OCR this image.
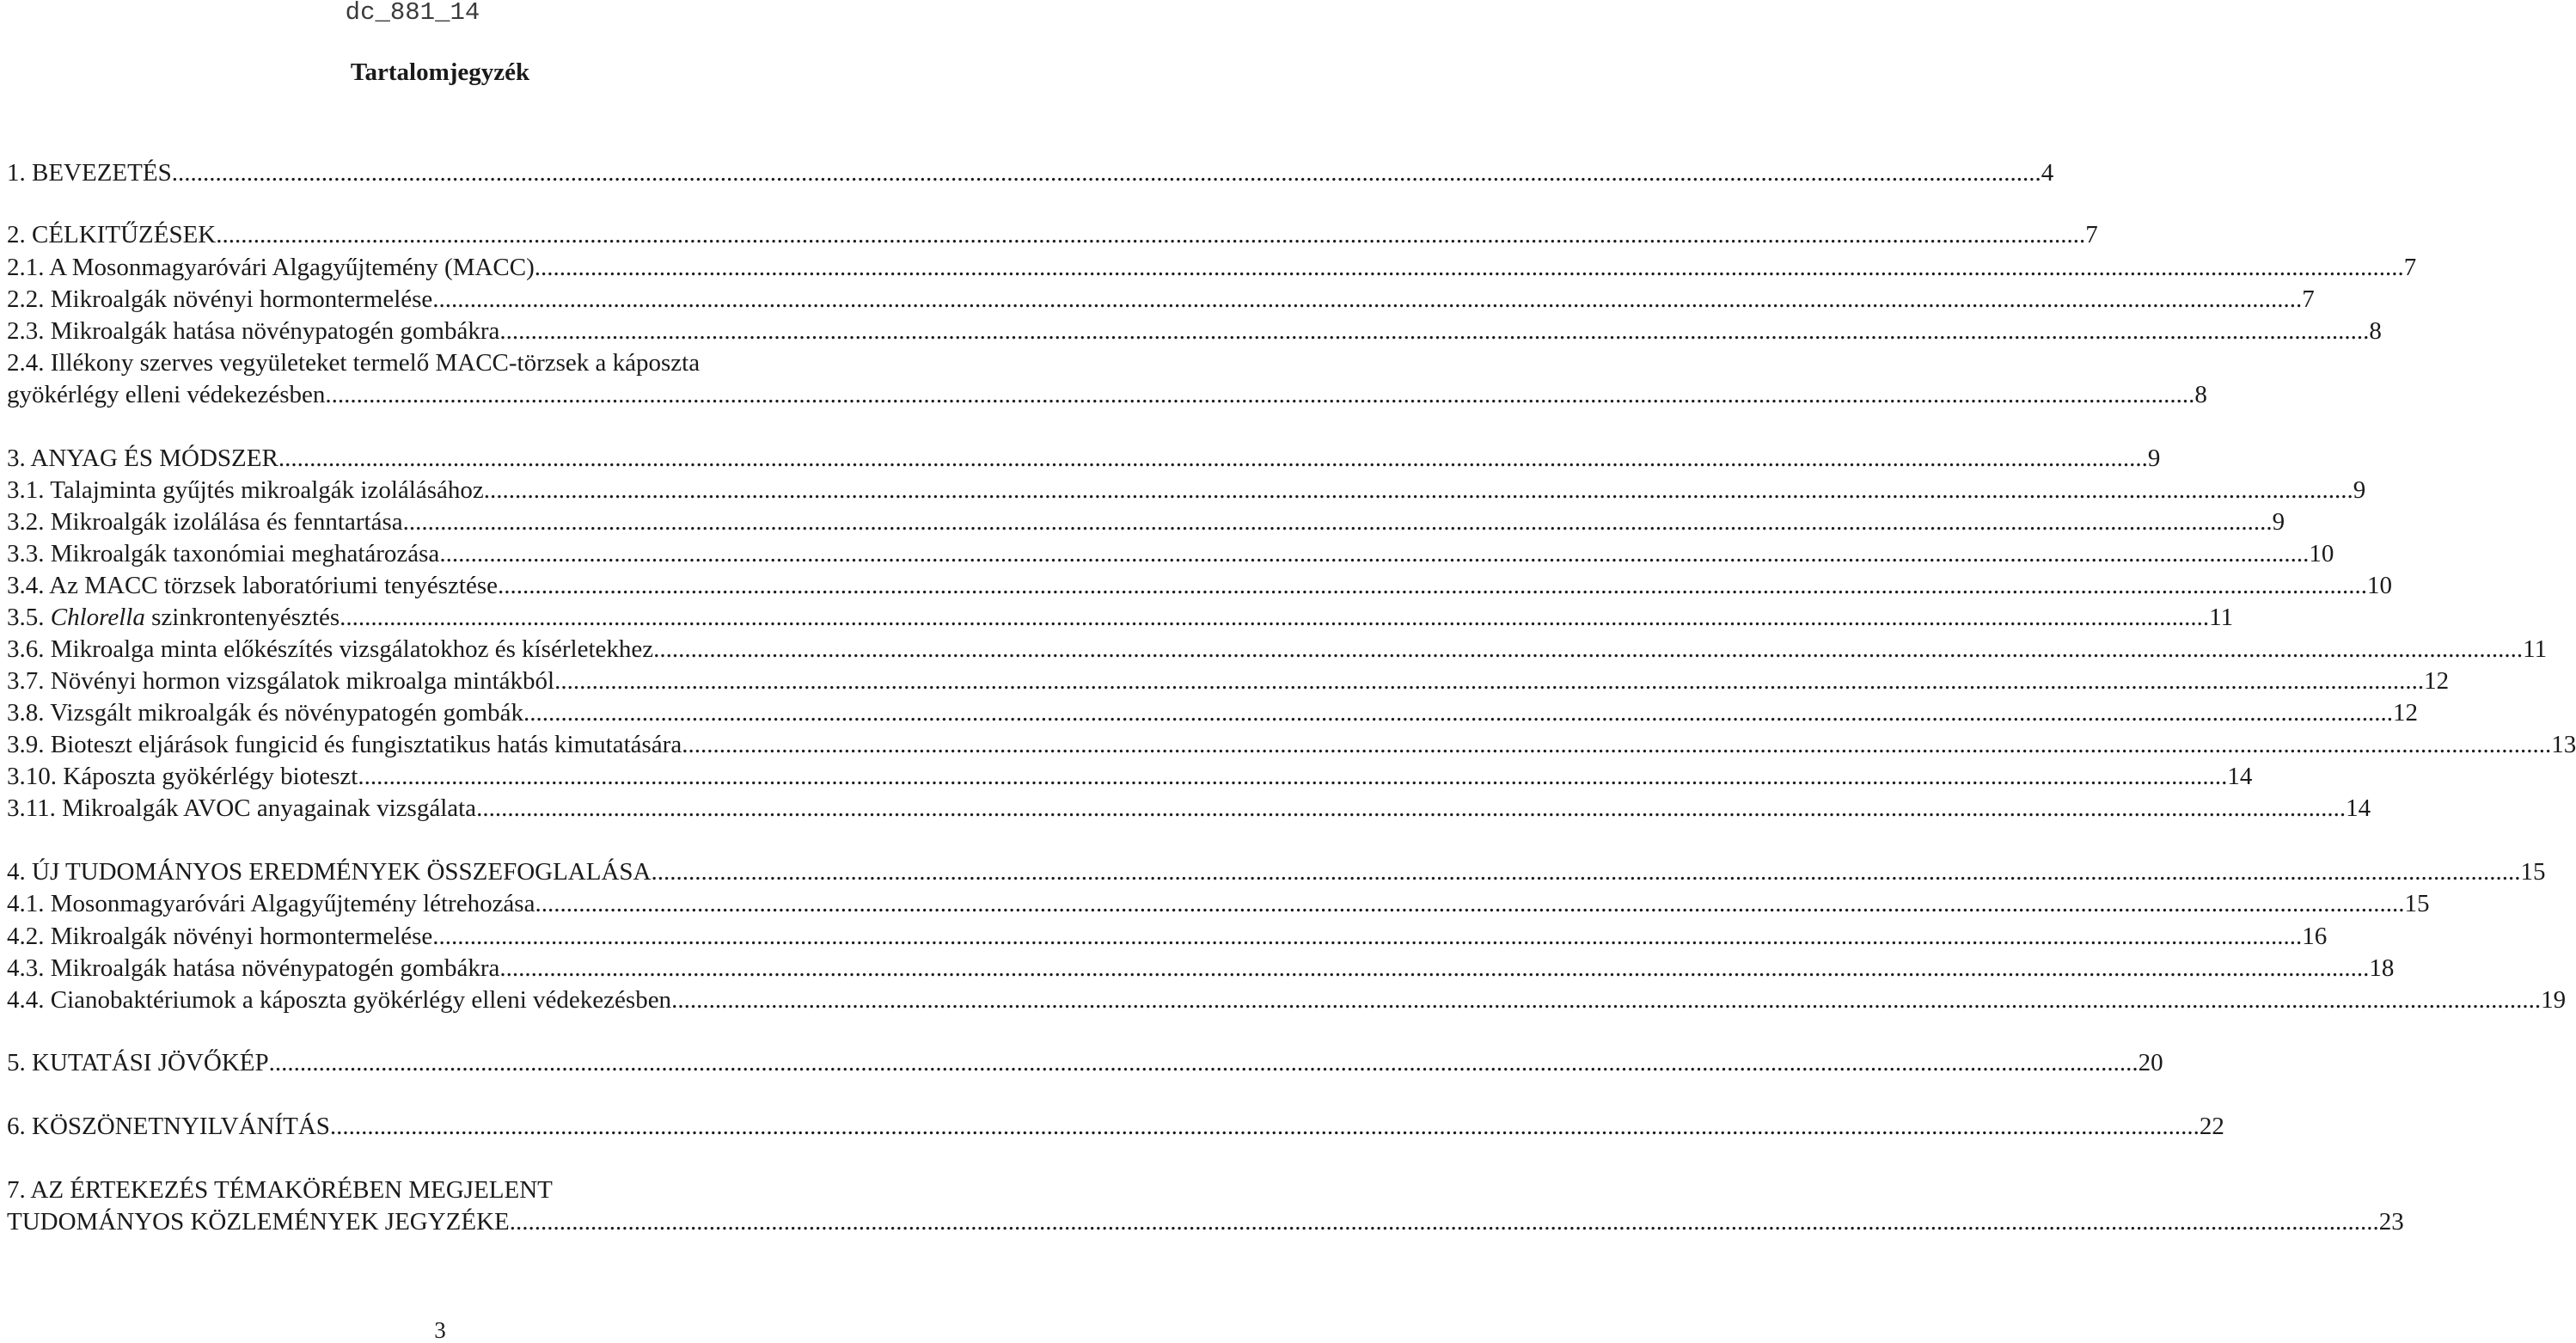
dc_881_14
Tartalomjegyzék
1. BEVEZETÉS ............................................................................................................................................................................................................................................................................................................ 4
2. CÉLKITŰZÉSEK ............................................................................................................................................................................................................................................................................................................ 7
2.1. A Mosonmagyaróvári Algagyűjtemény (MACC) ............................................................................................................................................................................................................................................................................................................ 7
2.2. Mikroalgák növényi hormontermelése ............................................................................................................................................................................................................................................................................................................ 7
2.3. Mikroalgák hatása növénypatogén gombákra ............................................................................................................................................................................................................................................................................................................ 8
2.4. Illékony szerves vegyületeket termelő MACC-törzsek a káposzta
gyökérlégy elleni védekezésben ............................................................................................................................................................................................................................................................................................................ 8
3. ANYAG ÉS MÓDSZER ............................................................................................................................................................................................................................................................................................................ 9
3.1. Talajminta gyűjtés mikroalgák izolálásához ............................................................................................................................................................................................................................................................................................................ 9
3.2. Mikroalgák izolálása és fenntartása ............................................................................................................................................................................................................................................................................................................ 9
3.3. Mikroalgák taxonómiai meghatározása ............................................................................................................................................................................................................................................................................................................ 10
3.4. Az MACC törzsek laboratóriumi tenyésztése ............................................................................................................................................................................................................................................................................................................ 10
3.5. Chlorella szinkrontenyésztés ............................................................................................................................................................................................................................................................................................................ 11
3.6. Mikroalga minta előkészítés vizsgálatokhoz és kísérletekhez ............................................................................................................................................................................................................................................................................................................ 11
3.7. Növényi hormon vizsgálatok mikroalga mintákból ............................................................................................................................................................................................................................................................................................................ 12
3.8. Vizsgált mikroalgák és növénypatogén gombák ............................................................................................................................................................................................................................................................................................................ 12
3.9. Bioteszt eljárások fungicid és fungisztatikus hatás kimutatására ............................................................................................................................................................................................................................................................................................................ 13
3.10. Káposzta gyökérlégy bioteszt ............................................................................................................................................................................................................................................................................................................ 14
3.11. Mikroalgák AVOC anyagainak vizsgálata ............................................................................................................................................................................................................................................................................................................ 14
4. ÚJ TUDOMÁNYOS EREDMÉNYEK ÖSSZEFOGLALÁSA ............................................................................................................................................................................................................................................................................................................ 15
4.1. Mosonmagyaróvári Algagyűjtemény létrehozása ............................................................................................................................................................................................................................................................................................................ 15
4.2. Mikroalgák növényi hormontermelése ............................................................................................................................................................................................................................................................................................................ 16
4.3. Mikroalgák hatása növénypatogén gombákra ............................................................................................................................................................................................................................................................................................................ 18
4.4. Cianobaktériumok a káposzta gyökérlégy elleni védekezésben ............................................................................................................................................................................................................................................................................................................ 19
5. KUTATÁSI JÖVŐKÉP ............................................................................................................................................................................................................................................................................................................ 20
6. KÖSZÖNETNYILVÁNÍTÁS ............................................................................................................................................................................................................................................................................................................ 22
7. AZ ÉRTEKEZÉS TÉMAKÖRÉBEN MEGJELENT
TUDOMÁNYOS KÖZLEMÉNYEK JEGYZÉKE ............................................................................................................................................................................................................................................................................................................ 23
3
